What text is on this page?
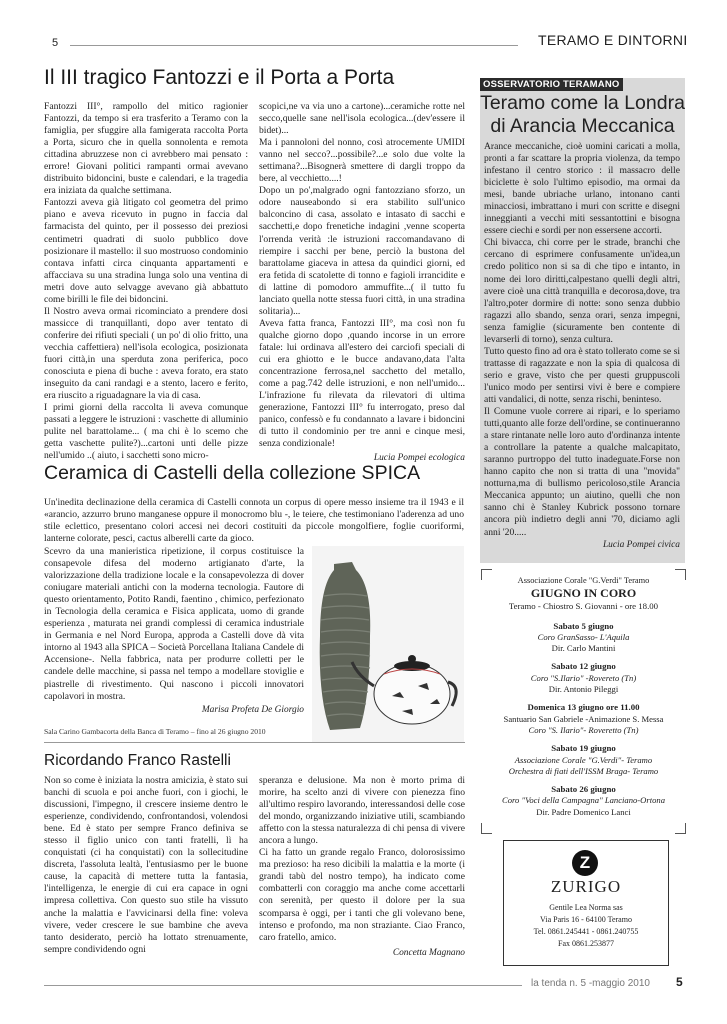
5	TERAMO E DINTORNI
Il III tragico Fantozzi e il Porta a Porta

Fantozzi III°, rampollo del mitico ragionier Fantozzi, da tempo si era trasferito a Teramo con la famiglia, per sfuggire alla famigerata raccolta Porta a Porta, sicuro che in quella sonnolenta e remota cittadina abruzzese non ci avrebbero mai pensato : errore! Giovani politici rampanti ormai avevano distribuito bidoncini, buste e calendari, e la tragedia era iniziata da qualche settimana.

Fantozzi aveva già litigato col geometra del primo piano e aveva ricevuto in pugno in faccia dal farmacista del quinto, per il possesso dei preziosi centimetri quadrati di suolo pubblico dove posizionare il mastello: il suo mostruoso condominio contava infatti circa cinquanta appartamenti e affacciava su una stradina lunga solo una ventina di metri dove auto selvagge avevano già abbattuto come birilli le file dei bidoncini.

Il Nostro aveva ormai ricominciato a prendere dosi massicce di tranquillanti, dopo aver tentato di conferire dei rifiuti speciali ( un po' di olio fritto, una vecchia caffettiera) nell'isola ecologica, posizionata fuori città,in una sperduta zona periferica, poco conosciuta e piena di buche : aveva forato, era stato inseguito da cani randagi e a stento, lacero e ferito, era riuscito a riguadagnare la via di casa.

I primi giorni della raccolta li aveva comunque passati a leggere le istruzioni : vaschette di alluminio pulite nel barattolame... ( ma chi è lo scemo che getta vaschette pulite?)...cartoni unti delle pizze nell'umido ..( aiuto, i sacchetti sono micro-

scopici,ne va via uno a cartone)...ceramiche rotte nel secco,quelle sane nell'isola ecologica...(dev'essere il bidet)...

Ma i pannoloni del nonno, così atrocemente UMIDI vanno nel secco?...possibile?...e solo due volte la settimana?...Bisognerà smettere di dargli troppo da bere, al vecchietto....!

Dopo un po',malgrado ogni fantozziano sforzo, un odore nauseabondo si era stabilito sull'unico balconcino di casa, assolato e intasato di sacchi e sacchetti,e dopo frenetiche indagini ,venne scoperta l'orrenda verità :le istruzioni raccomandavano di riempire i sacchi per bene, perciò la bustona del barattolame giaceva in attesa da quindici giorni, ed era fetida di scatolette di tonno e fagioli irrancidite e di lattine di pomodoro ammuffite...( il tutto fu lanciato quella notte stessa fuori città, in una stradina solitaria)...

Aveva fatta franca, Fantozzi III°, ma così non fu qualche giorno dopo ,quando incorse in un errore fatale: lui ordinava all'estero dei carciofi speciali di cui era ghiotto e le bucce andavano,data l'alta concentrazione ferrosa,nel sacchetto del metallo, come a pag.742 delle istruzioni, e non nell'umido... L'infrazione fu rilevata da rilevatori di ultima generazione, Fantozzi III° fu interrogato, preso dal panico, confessò e fu condannato a lavare i bidoncini di tutto il condominio per tre anni e cinque mesi, senza condizionale!

Lucia Pompei ecologica

OSSERVATORIO TERAMANO
Teramo come la Londra
di Arancia Meccanica

Arance meccaniche, cioè uomini caricati a molla, pronti a far scattare la propria violenza, da tempo infestano il centro storico : il massacro delle biciclette è solo l'ultimo episodio, ma ormai da mesi, bande ubriache urlano, intonano canti minacciosi, imbrattano i muri con scritte e disegni inneggianti a vecchi miti sessantottini e bisogna essere ciechi e sordi per non essersene accorti.

Chi bivacca, chi corre per le strade, branchi che cercano di esprimere confusamente un'idea,un credo politico non si sa di che tipo e intanto, in nome dei loro diritti,calpestano quelli degli altri, avere cioè una città tranquilla e decorosa,dove, tra l'altro,poter dormire di notte: sono senza dubbio ragazzi allo sbando, senza orari, senza impegni, senza famiglie (sicuramente ben contente di levarserli di torno), senza cultura.

Tutto questo fino ad ora è stato tollerato come se si trattasse di ragazzate e non la spia di qualcosa di serio e grave, visto che per questi gruppuscoli l'unico modo per sentirsi vivi è bere e compiere atti vandalici, di notte, senza rischi, beninteso.

Il Comune vuole correre ai ripari, e lo speriamo tutti,quanto alle forze dell'ordine, se continueranno a stare rintanate nelle loro auto d'ordinanza intente a controllare la patente a qualche malcapitato, saranno purtroppo del tutto inadeguate.Forse non hanno capito che non si tratta di una "movida" notturna,ma di bullismo pericoloso,stile Arancia Meccanica appunto; un aiutino, quelli che non sanno chi è Stanley Kubrick possono tornare ancora più indietro degli anni '70, diciamo agli anni '20.....

Lucia Pompei civica

Ceramica di Castelli della collezione SPICA
Un'inedita declinazione della ceramica di Castelli connota un corpus di opere messo insieme tra il 1943 e il «arancio, azzurro bruno manganese oppure il monocromo blu -, le teiere, che testimoniano l'aderenza ad uno stile eclettico, presentano colori accesi nei decori costituiti da piccole mongolfiere, foglie cuoriformi, lanterne colorate, pesci, cactus alberelli carte da gioco.
Scevro da una manieristica ripetizione, il corpus costituisce la consapevole difesa del moderno artigianato d'arte, la valorizzazione della tradizione locale e la consapevolezza di dover coniugare materiali antichi con la moderna tecnologia. Fautore di questo orientamento, Potito Randi, faentino , chimico, perfezionato in Tecnologia della ceramica e Fisica applicata, uomo di grande esperienza , maturata nei grandi complessi di ceramica industriale in Germania e nel Nord Europa, approda a Castelli dove dà vita intorno al 1943 alla SPICA – Società Porcellana Italiana Candele di Accensione-. Nella fabbrica, nata per produrre colletti per le candele delle macchine, si passa nel tempo a modellare stoviglie e piastrelle di rivestimento. Qui nascono i piccoli innovatori capolavori in mostra.
Marisa Profeta De Giorgio
Sala Carino Gambacorta della Banca di Teramo – fino al 26 giugno 2010
Ricordando Franco Rastelli
Non so come è iniziata la nostra amicizia, è stato sui banchi di scuola e poi anche fuori, con i giochi, le discussioni, l'impegno, il crescere insieme dentro le esperienze, condividendo, confrontandosi, volendosi bene. Ed è stato per sempre Franco definiva se stesso il figlio unico con tanti fratelli, lì ha conquistati (ci ha conquistati) con la sollecitudine discreta, l'assoluta lealtà, l'entusiasmo per le buone cause, la capacità di mettere tutta la fantasia, l'intelligenza, le energie di cui era capace in ogni impresa collettiva. Con questo suo stile ha vissuto anche la malattia e l'avvicinarsi della fine: voleva vivere, veder crescere le sue bambine che aveva tanto desiderato, perciò ha lottato strenuamente, sempre condividendo ogni
speranza e delusione. Ma non è morto prima di morire, ha scelto anzi di vivere con pienezza fino all'ultimo respiro lavorando, interessandosi delle cose del mondo, organizzando iniziative utili, scambiando affetto con la stessa naturalezza di chi pensa di vivere ancora a lungo.
Ci ha fatto un grande regalo Franco, dolorosissimo ma prezioso: ha reso dicibili la malattia e la morte (i grandi tabù del nostro tempo), ha indicato come combatterli con coraggio ma anche come accettarli con serenità, per questo il dolore per la sua scomparsa è oggi, per i tanti che gli volevano bene, intenso e profondo, ma non straziante. Ciao Franco, caro fratello, amico.
Concetta Magnano

Associazione Corale "G.Verdi" Teramo

GIUGNO IN CORO

Teramo - Chiostro S. Giovanni - ore 18.00

Sabato 5 giugno

Coro GranSasso- L'Aquila

Dir. Carlo Mantini

Sabato 12 giugno

Coro "S.Ilario" -Rovereto (Tn)

Dir. Antonio Pileggi

Domenica 13 giugno ore 11.00

Santuario San Gabriele -Animazione S. Messa

Coro "S. Ilario"- Roveretto (Tn)

Sabato 19 giugno

Associazione Corale "G.Verdi"- Teramo

Orchestra di fiati dell'ISSM Braga- Teramo

Sabato 26 giugno

Coro "Voci della Campagna" Lanciano-Ortona

Dir. Padre Domenico Lanci

Z
ZURIGO
Gentile Lea Norma sas
Via Paris 16 - 64100 Teramo
Tel. 0861.245441 - 0861.240755
Fax 0861.253877
la tenda n. 5 -maggio 2010 5
